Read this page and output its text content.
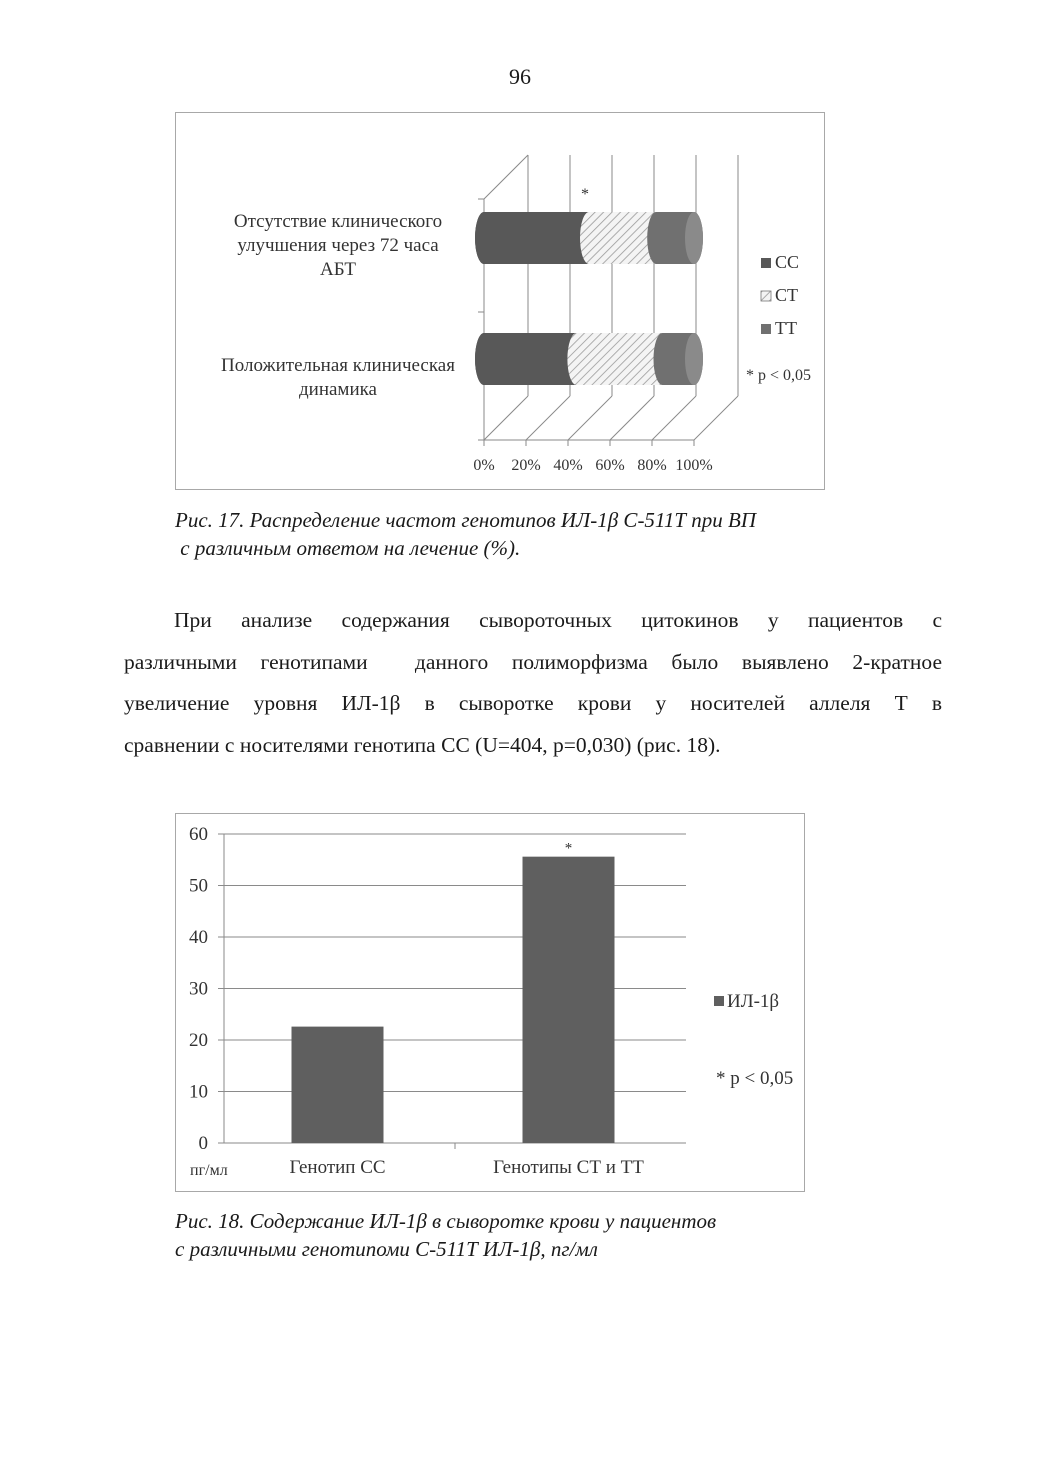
96
0% 20% 40% 60% 80% 100%
*
Отсутствие клинического
улучшения через 72 часа
АБТ
Положительная клиническая
динамика
CC
CT
TT
* p < 0,05
Рис. 17. Распределение частот генотипов ИЛ-1β С-511Т при ВП
с различным ответом на лечение (%).
При анализе содержания сывороточных цитокинов у пациентов с
различными генотипами  данного полиморфизма было выявлено 2-кратное
увеличение уровня ИЛ-1β в сыворотке крови у носителей аллеля Т в
сравнении с носителями генотипа СС (U=404, p=0,030) (рис. 18).
0
10
20
30
40
50
60
Генотип СС	Генотипы СТ и ТТ
*
пг/мл
ИЛ-1β
* p < 0,05
Рис. 18. Содержание ИЛ-1β в сыворотке крови у пациентов
с различными генотипоми С-511Т ИЛ-1β, пг/мл
